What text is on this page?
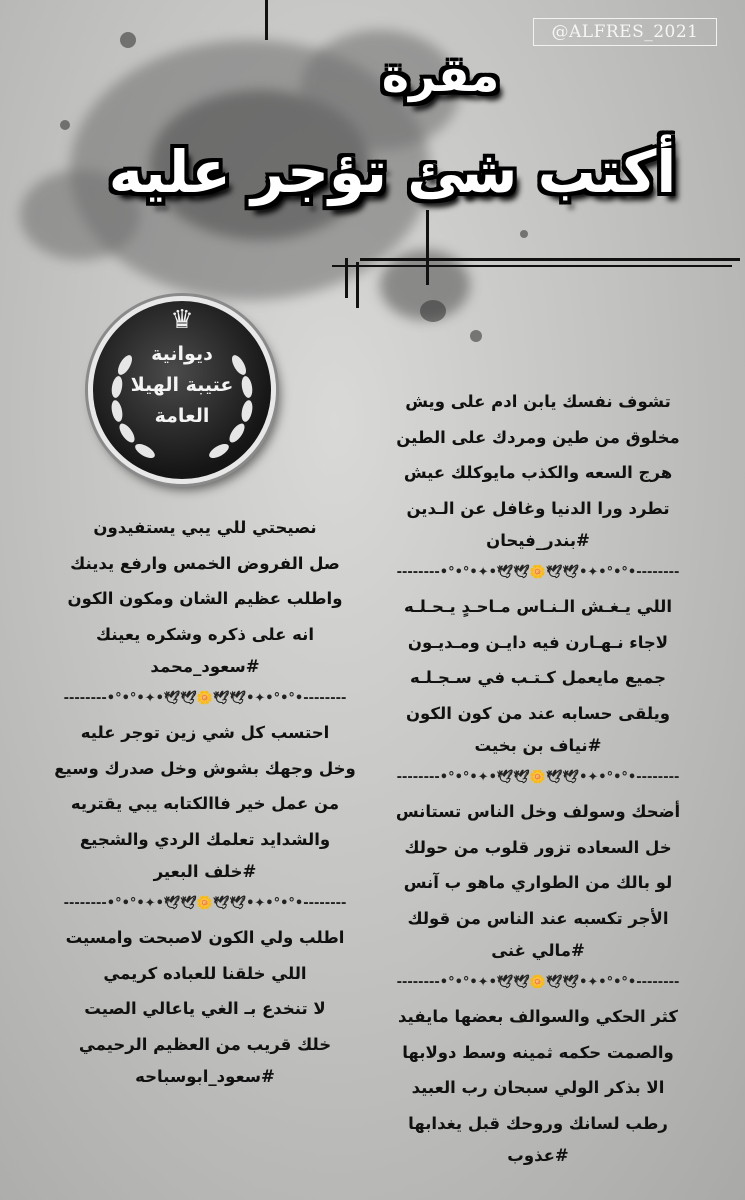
@ALFRES_2021
مقرة
أكتب شئ تؤجر عليه
♛
ديوانية
عتيبة الهيلا
العامة
تشوف نفسك يابن ادم على ويش
مخلوق من طين ومردك على الطين
هرج السعه والكذب مايوكلك عيش
تطرد ورا الدنيا وغافل عن الـدين
#بندر_فيحان
--------•°•°•✦•🕊🕊🌼🕊🕊•✦•°•°•--------
اللي يـغـش الـنـاس مـاحـدٍ يـحـلـه
لاجاء نـهـارن فيه دايـن ومـديـون
جميع مايعمل كـتـب في سـجـلـه
ويلقى حسابه عند من كون الكون
#نياف بن بخيت
--------•°•°•✦•🕊🕊🌼🕊🕊•✦•°•°•--------
أضحك وسولف وخل الناس تستانس
خل السعاده تزور قلوب من حولك
لو بالك من الطواري ماهو ب آنس
الأجر تكسبه عند الناس من قولك
#مالي غنى
--------•°•°•✦•🕊🕊🌼🕊🕊•✦•°•°•--------
كثر الحكي والسوالف بعضها مايفيد
والصمت حكمه ثمينه وسط دولابها
الا بذكر الولي سبحان رب العبيد
رطب لسانك وروحك قبل يغدابها
#عذوب
نصيحتي للي يبي يستفيدون
صل الفروض الخمس وارفع يدينك
واطلب عظيم الشان ومكون الكون
انه على ذكره وشكره يعينك
#سعود_محمد
--------•°•°•✦•🕊🕊🌼🕊🕊•✦•°•°•--------
احتسب كل شي زين توجر عليه
وخل وجهك بشوش وخل صدرك وسيع
من عمل خير فاالكتابه يبي يقتريه
والشدايد تعلمك الردي والشجيع
#خلف البعير
--------•°•°•✦•🕊🕊🌼🕊🕊•✦•°•°•--------
اطلب ولي الكون لاصبحت وامسيت
اللي خلقنا للعباده كريمي
لا تنخدع بـ الغي ياعالي الصيت
خلك قريب من العظيم الرحيمي
#سعود_ابوسباحه
